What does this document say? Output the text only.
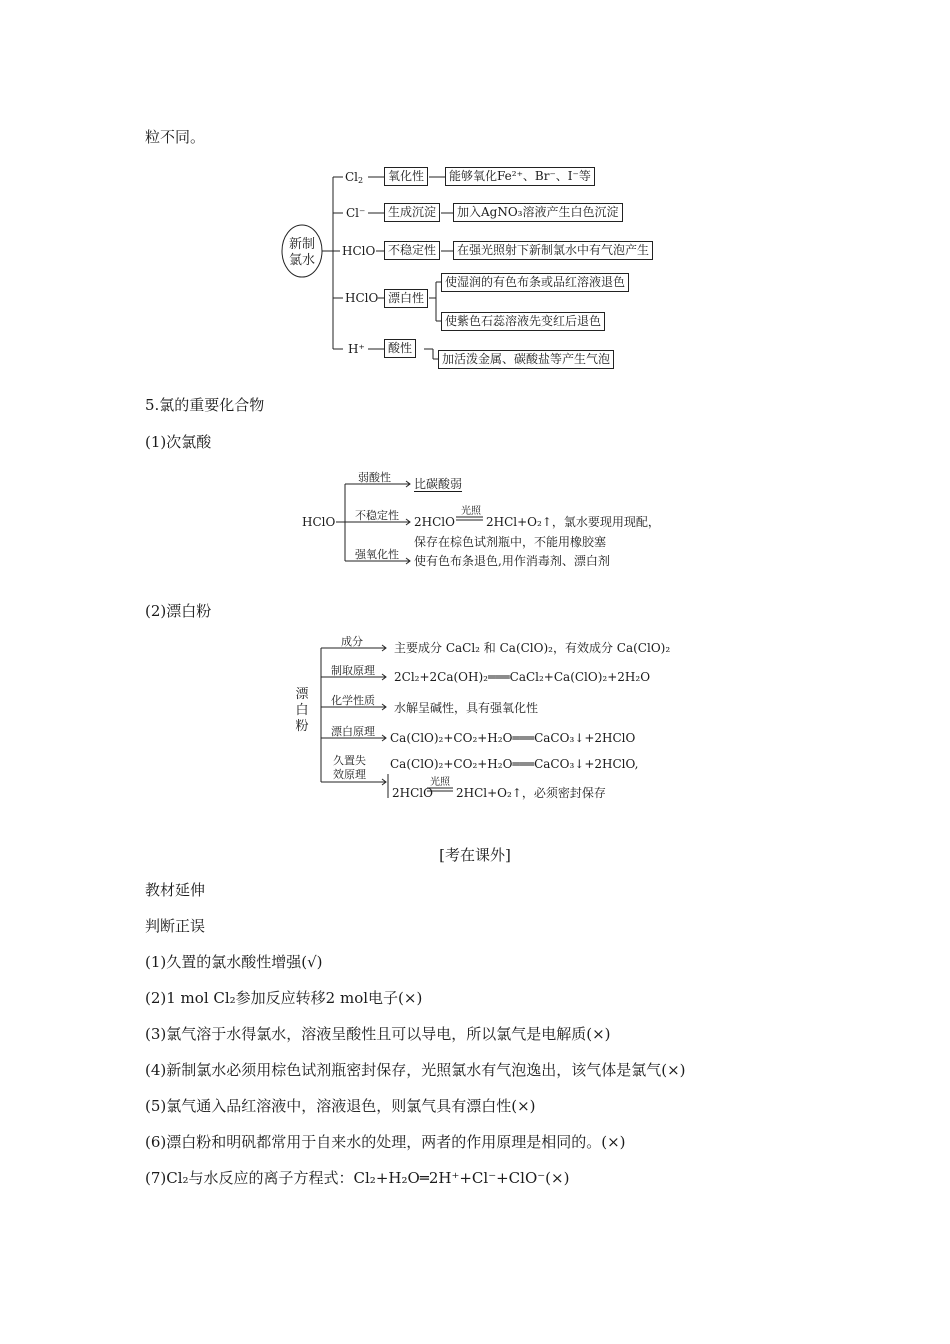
粒不同。
新制氯水
$Cl_2$
Cl⁻
HClO
HClO
H⁺
氧化性
生成沉淀
不稳定性
漂白性
酸性
能够氧化Fe²⁺、Br⁻、I⁻等
加入AgNO₃溶液产生白色沉淀
在强光照射下新制氯水中有气泡产生
使湿润的有色布条或品红溶液退色
使紫色石蕊溶液先变红后退色
加活泼金属、碳酸盐等产生气泡
5.氯的重要化合物
(1)次氯酸
HClO
弱酸性
不稳定性
强氧化性
比碳酸弱
2HClO
光照
2HCl+O₂↑，氯水要现用现配，
保存在棕色试剂瓶中，不能用橡胶塞
使有色布条退色,用作消毒剂、漂白剂
(2)漂白粉
漂白粉
成分
制取原理
化学性质
漂白原理
久置失
效原理
主要成分 CaCl₂ 和 Ca(ClO)₂，有效成分 Ca(ClO)₂
2Cl₂+2Ca(OH)₂═══CaCl₂+Ca(ClO)₂+2H₂O
水解呈碱性，具有强氧化性
Ca(ClO)₂+CO₂+H₂O═══CaCO₃↓+2HClO
Ca(ClO)₂+CO₂+H₂O═══CaCO₃↓+2HClO,
2HClO
光照
2HCl+O₂↑，必须密封保存
[考在课外]
教材延伸
判断正误
(1)久置的氯水酸性增强(√)
(2)1 mol Cl₂参加反应转移2 mol电子(×)
(3)氯气溶于水得氯水，溶液呈酸性且可以导电，所以氯气是电解质(×)
(4)新制氯水必须用棕色试剂瓶密封保存，光照氯水有气泡逸出，该气体是氯气(×)
(5)氯气通入品红溶液中，溶液退色，则氯气具有漂白性(×)
(6)漂白粉和明矾都常用于自来水的处理，两者的作用原理是相同的。(×)
(7)Cl₂与水反应的离子方程式：Cl₂+H₂O═2H⁺+Cl⁻+ClO⁻(×)
